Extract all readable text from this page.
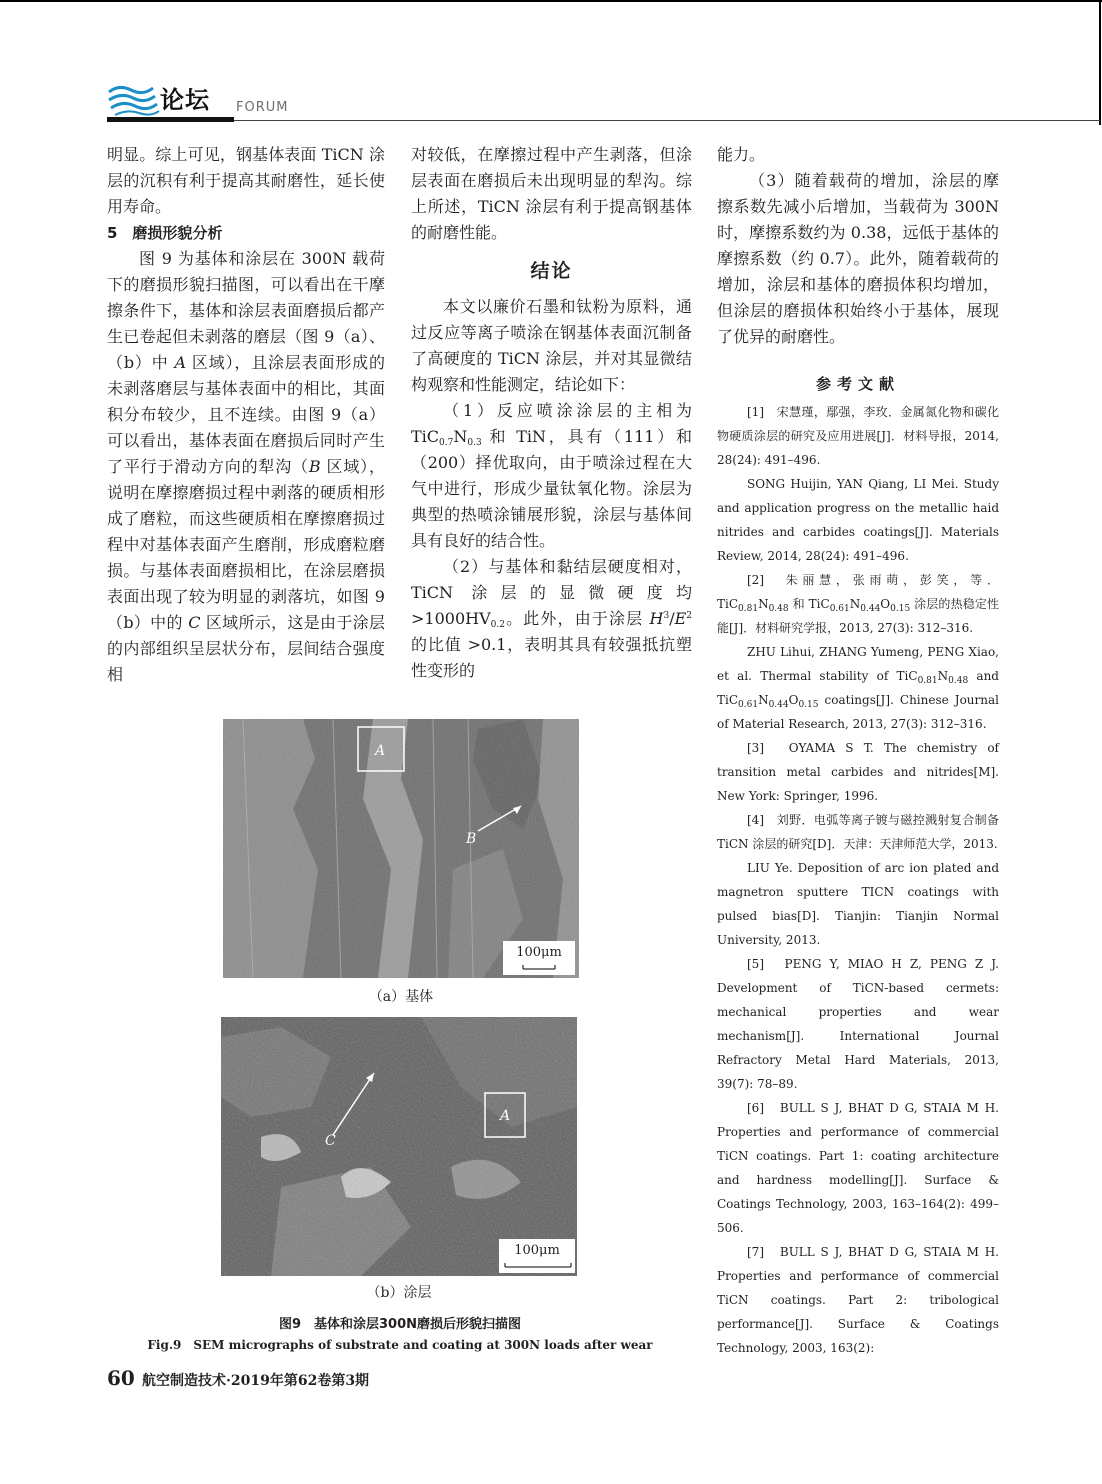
论坛 FORUM

明显。综上可见，钢基体表面 TiCN 涂层的沉积有利于提高其耐磨性，延长使用寿命。

5　磨损形貌分析

图 9 为基体和涂层在 300N 载荷下的磨损形貌扫描图，可以看出在干摩擦条件下，基体和涂层表面磨损后都产生已卷起但未剥落的磨层（图 9（a）、（b）中 A 区域），且涂层表面形成的未剥落磨层与基体表面中的相比，其面积分布较少，且不连续。由图 9（a）可以看出，基体表面在磨损后同时产生了平行于滑动方向的犁沟（B 区域），说明在摩擦磨损过程中剥落的硬质相形成了磨粒，而这些硬质相在摩擦磨损过程中对基体表面产生磨削，形成磨粒磨损。与基体表面磨损相比，在涂层磨损表面出现了较为明显的剥落坑，如图 9（b）中的 C 区域所示，这是由于涂层的内部组织呈层状分布，层间结合强度相

对较低，在摩擦过程中产生剥落，但涂层表面在磨损后未出现明显的犁沟。综上所述，TiCN 涂层有利于提高钢基体的耐磨性能。

结论

本文以廉价石墨和钛粉为原料，通过反应等离子喷涂在钢基体表面沉制备了高硬度的 TiCN 涂层，并对其显微结构观察和性能测定，结论如下：

（1）反应喷涂涂层的主相为 $TiC_{0.7}N_{0.3}$ 和 TiN，具有（111）和（200）择优取向，由于喷涂过程在大气中进行，形成少量钛氧化物。涂层为典型的热喷涂铺展形貌，涂层与基体间具有良好的结合性。

（2）与基体和黏结层硬度相对，TiCN 涂层的显微硬度均 $>1000HV_{0.2}$。此外，由于涂层 $H^3/E^2$ 的比值 >0.1，表明其具有较强抵抗塑性变形的

能力。

（3）随着载荷的增加，涂层的摩擦系数先减小后增加，当载荷为 300N 时，摩擦系数约为 0.38，远低于基体的摩擦系数（约 0.7）。此外，随着载荷的增加，涂层和基体的磨损体积均增加，但涂层的磨损体积始终小于基体，展现了优异的耐磨性。

参考文献

[1]　宋慧瑾，鄢强，李玫．金属氮化物和碳化物硬质涂层的研究及应用进展[J]．材料导报，2014, 28(24): 491–496.

SONG Huijin, YAN Qiang, LI Mei. Study and application progress on the metallic haid nitrides and carbides coatings[J]. Materials Review, 2014, 28(24): 491–496.

[2]　朱丽慧，张雨萌，彭笑，等．$TiC_{0.81}N_{0.48}$ 和 $TiC_{0.61}N_{0.44}O_{0.15}$ 涂层的热稳定性能[J]．材料研究学报，2013, 27(3): 312–316.

ZHU Lihui, ZHANG Yumeng, PENG Xiao, et al. Thermal stability of $TiC_{0.81}N_{0.48}$ and $TiC_{0.61}N_{0.44}O_{0.15}$ coatings[J]. Chinese Journal of Material Research, 2013, 27(3): 312–316.

[3]　OYAMA S T. The chemistry of transition metal carbides and nitrides[M]. New York: Springer, 1996.

[4]　刘野．电弧等离子镀与磁控溅射复合制备 TiCN 涂层的研究[D]．天津：天津师范大学，2013.

LIU Ye. Deposition of arc ion plated and magnetron sputtere TICN coatings with pulsed bias[D]. Tianjin: Tianjin Normal University, 2013.

[5]　PENG Y, MIAO H Z, PENG Z J. Development of TiCN-based cermets: mechanical properties and wear mechanism[J]. International Journal Refractory Metal Hard Materials, 2013, 39(7): 78–89.

[6]　BULL S J, BHAT D G, STAIA M H. Properties and performance of commercial TiCN coatings. Part 1: coating architecture and hardness modelling[J]. Surface & Coatings Technology, 2003, 163–164(2): 499–506.

[7]　BULL S J, BHAT D G, STAIA M H. Properties and performance of commercial TiCN coatings. Part 2: tribological performance[J]. Surface & Coatings Technology, 2003, 163(2):

A
B
100μm
（a）基体
A
C
100μm
（b）涂层
图9　基体和涂层300N磨损后形貌扫描图
Fig.9　SEM micrographs of substrate and coating at 300N loads after wear
60 航空制造技术·2019年第62卷第3期
